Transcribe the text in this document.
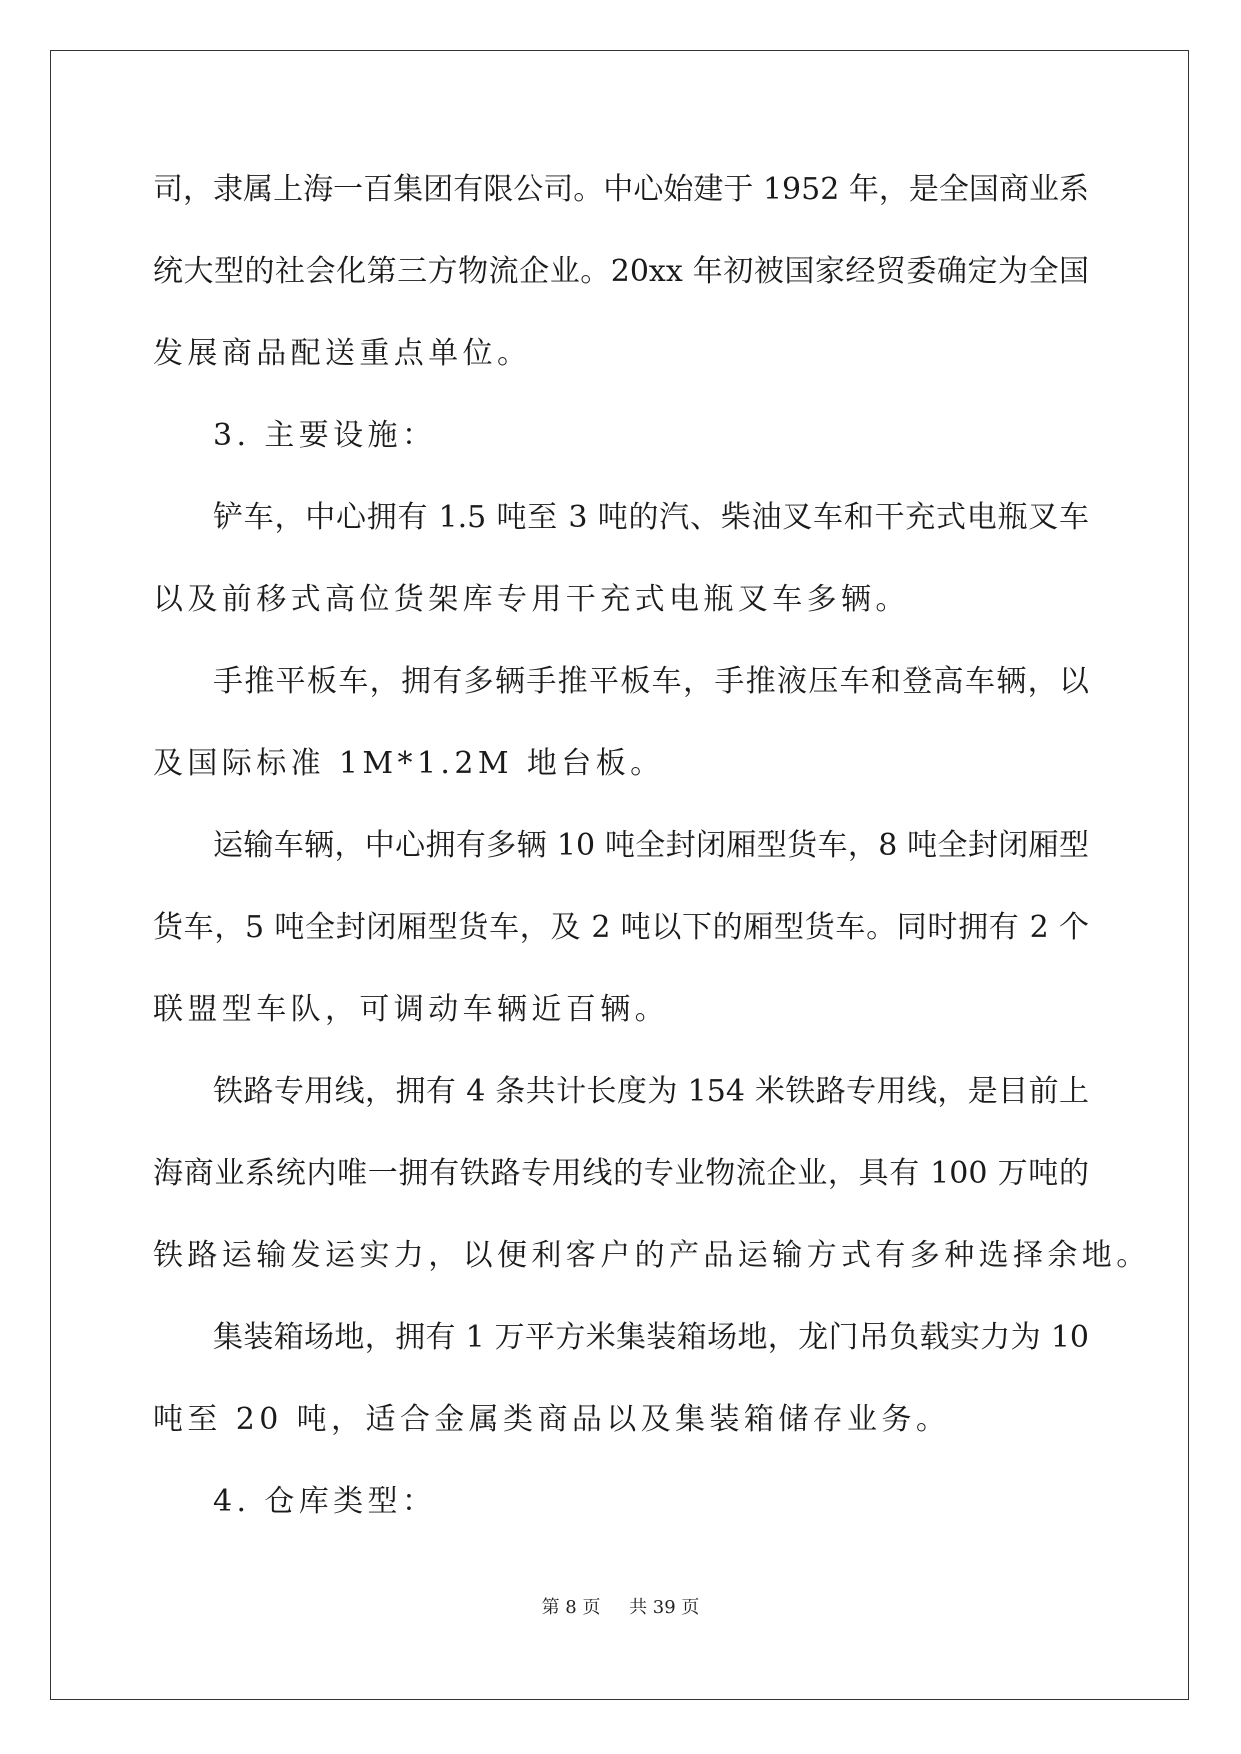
司，隶属上海一百集团有限公司。中心始建于 1952 年，是全国商业系
统大型的社会化第三方物流企业。20xx 年初被国家经贸委确定为全国
发展商品配送重点单位。
3. 主要设施：
铲车，中心拥有 1.5 吨至 3 吨的汽、柴油叉车和干充式电瓶叉车
以及前移式高位货架库专用干充式电瓶叉车多辆。
手推平板车，拥有多辆手推平板车，手推液压车和登高车辆，以
及国际标准 1M*1.2M 地台板。
运输车辆，中心拥有多辆 10 吨全封闭厢型货车，8 吨全封闭厢型
货车，5 吨全封闭厢型货车，及 2 吨以下的厢型货车。同时拥有 2 个
联盟型车队，可调动车辆近百辆。
铁路专用线，拥有 4 条共计长度为 154 米铁路专用线，是目前上
海商业系统内唯一拥有铁路专用线的专业物流企业，具有 100 万吨的
铁路运输发运实力，以便利客户的产品运输方式有多种选择余地。
集装箱场地，拥有 1 万平方米集装箱场地，龙门吊负载实力为 10
吨至 20 吨，适合金属类商品以及集装箱储存业务。
4. 仓库类型：
第 8 页 共 39 页
